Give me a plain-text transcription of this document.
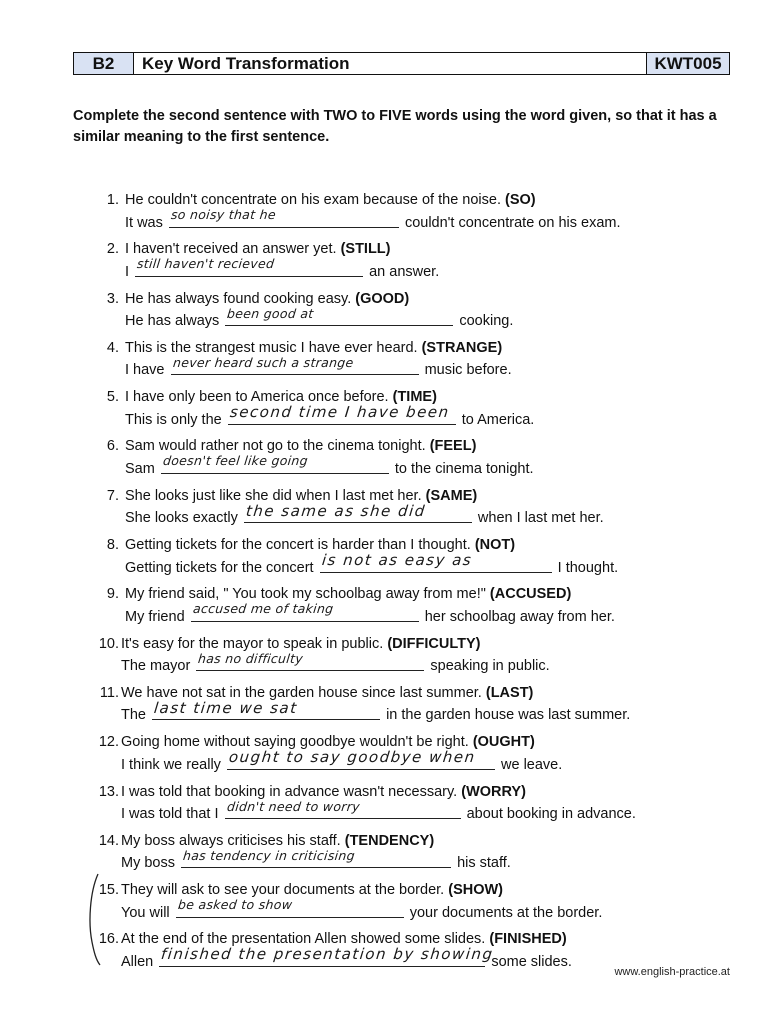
B2	Key Word Transformation	KWT005
Complete the second sentence with TWO to FIVE words using the word given, so that it has a similar meaning to the first sentence.
1. He couldn't concentrate on his exam because of the noise. (SO)
It was so noisy that he	couldn't concentrate on his exam.
2. I haven't received an answer yet. (STILL)
I still haven't recieved	an answer.
3. He has always found cooking easy. (GOOD)
He has always been good at	cooking.
4. This is the strangest music I have ever heard. (STRANGE)
I have never heard such a strange	music before.
5. I have only been to America once before. (TIME)
This is only the second time I have been to America.
6. Sam would rather not go to the cinema tonight. (FEEL)
Sam doesn't feel like going	to the cinema tonight.
7. She looks just like she did when I last met her. (SAME)
She looks exactly the same as she did	when I last met her.
8. Getting tickets for the concert is harder than I thought. (NOT)
Getting tickets for the concert is not as easy as	I thought.
9. My friend said, " You took my schoolbag away from me!" (ACCUSED)
My friend accused me of taking	her schoolbag away from her.
10. It's easy for the mayor to speak in public. (DIFFICULTY)
The mayor has no difficulty	speaking in public.
11. We have not sat in the garden house since last summer. (LAST)
The last time we sat	in the garden house was last summer.
12. Going home without saying goodbye wouldn't be right. (OUGHT)
I think we really ought to say goodbye when we leave.
13. I was told that booking in advance wasn't necessary. (WORRY)
I was told that I didn't need to worry	about booking in advance.
14. My boss always criticises his staff. (TENDENCY)
My boss has tendency in criticising	his staff.
15. They will ask to see your documents at the border. (SHOW)
You will be asked to show	your documents at the border.
16. At the end of the presentation Allen showed some slides. (FINISHED)
Allen finished the presentation by showing
some slides.
www.english-practice.at
